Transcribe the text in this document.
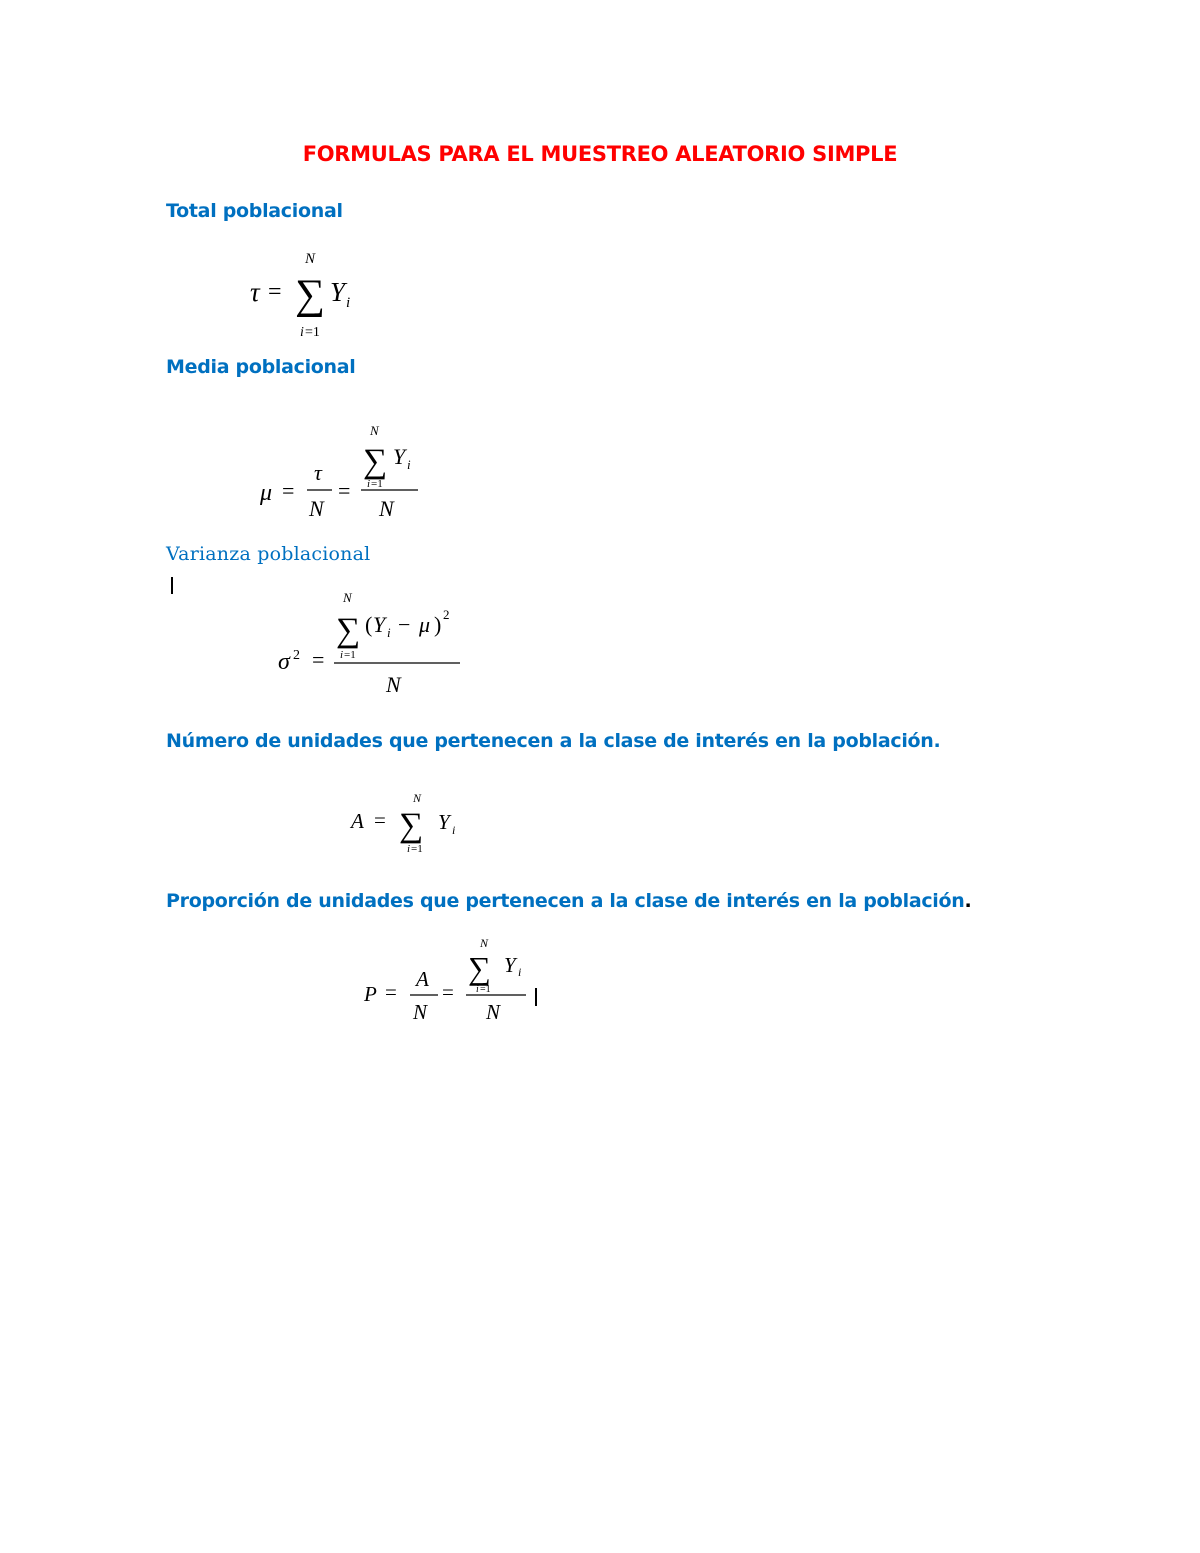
FORMULAS PARA EL MUESTREO ALEATORIO SIMPLE

Total poblacional

N
τ = ∑ Y i
i =1

Media poblacional

N
μ =
τ
N
=
∑ Y i
i =1
N

Varianza poblacional

N
σ 2 =
∑ ( Y i − μ ) 2
i =1
N

Número de unidades que pertenecen a la clase de interés en la población.

N
A = ∑ Y i
i =1

Proporción de unidades que pertenecen a la clase de interés en la población.

N
P =
A
N
=
∑ Y i
i =1
N
